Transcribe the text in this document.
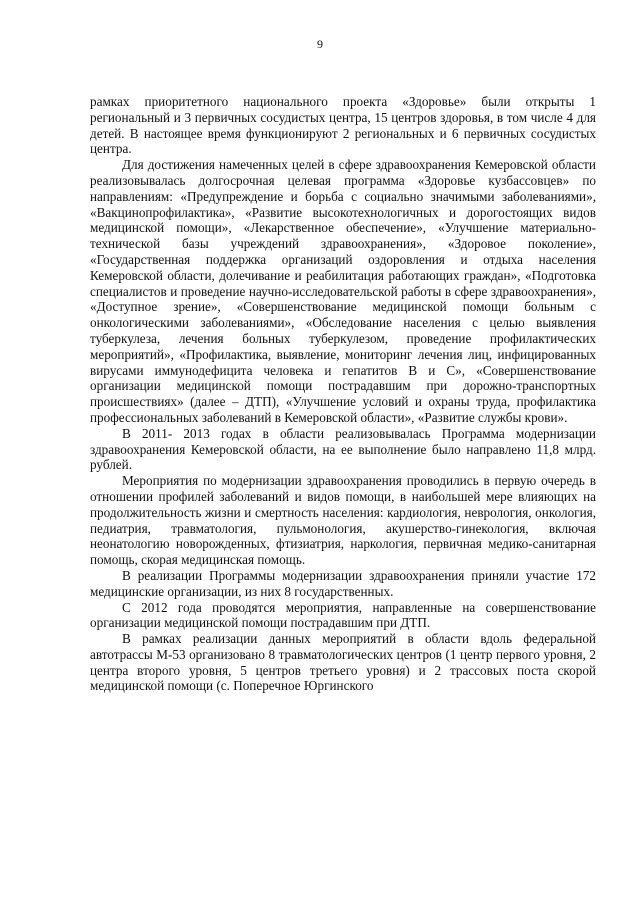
9

рамках приоритетного национального проекта «Здоровье» были открыты 1 региональный и 3 первичных сосудистых центра, 15 центров здоровья, в том числе 4 для детей. В настоящее время функционируют 2 региональных и 6 первичных сосудистых центра.

Для достижения намеченных целей в сфере здравоохранения Кемеровской области реализовывалась долгосрочная целевая программа «Здоровье кузбассовцев» по направлениям: «Предупреждение и борьба с социально значимыми заболеваниями», «Вакцинопрофилактика», «Развитие высокотехнологичных и дорогостоящих видов медицинской помощи», «Лекарственное обеспечение», «Улучшение материально-технической базы учреждений здравоохранения», «Здоровое поколение», «Государственная поддержка организаций оздоровления и отдыха населения Кемеровской области, долечивание и реабилитация работающих граждан», «Подготовка специалистов и проведение научно-исследовательской работы в сфере здравоохранения», «Доступное зрение», «Совершенствование медицинской помощи больным с онкологическими заболеваниями», «Обследование населения с целью выявления туберкулеза, лечения больных туберкулезом, проведение профилактических мероприятий», «Профилактика, выявление, мониторинг лечения лиц, инфицированных вирусами иммунодефицита человека и гепатитов В и С», «Совершенствование организации медицинской помощи пострадавшим при дорожно-транспортных происшествиях» (далее – ДТП), «Улучшение условий и охраны труда, профилактика профессиональных заболеваний в Кемеровской области», «Развитие службы крови».

В 2011- 2013 годах в области реализовывалась Программа модернизации здравоохранения Кемеровской области, на ее выполнение было направлено 11,8 млрд. рублей.

Мероприятия по модернизации здравоохранения проводились в первую очередь в отношении профилей заболеваний и видов помощи, в наибольшей мере влияющих на продолжительность жизни и смертность населения: кардиология, неврология, онкология, педиатрия, травматология, пульмонология, акушерство-гинекология, включая неонатологию новорожденных, фтизиатрия, наркология, первичная медико-санитарная помощь, скорая медицинская помощь.

В реализации Программы модернизации здравоохранения приняли участие 172 медицинские организации, из них 8 государственных.

С 2012 года проводятся мероприятия, направленные на совершенствование организации медицинской помощи пострадавшим при ДТП.

В рамках реализации данных мероприятий в области вдоль федеральной автотрассы М-53 организовано 8 травматологических центров (1 центр первого уровня, 2 центра второго уровня, 5 центров третьего уровня) и 2 трассовых поста скорой медицинской помощи (с. Поперечное Юргинского
